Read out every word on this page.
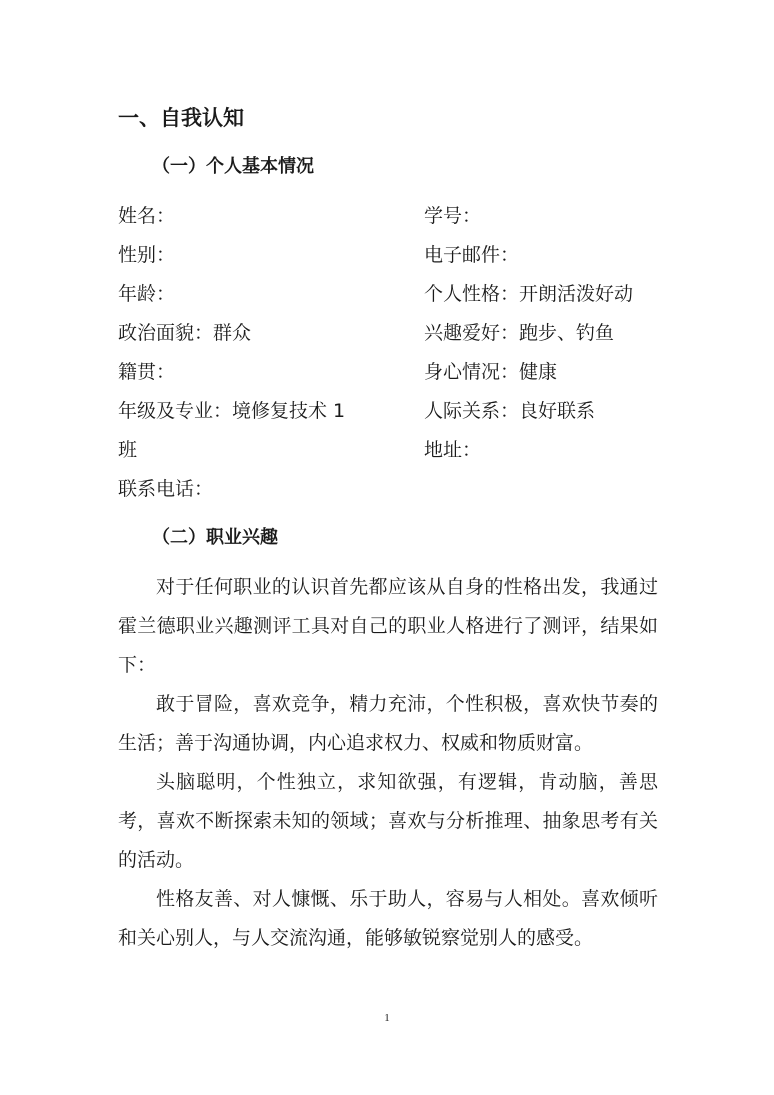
一、自我认知
（一）个人基本情况
姓名：
性别：
年龄：
政治面貌：群众
籍贯：
年级及专业：境修复技术 1
班
联系电话：
学号：
电子邮件：
个人性格：开朗活泼好动
兴趣爱好：跑步、钓鱼
身心情况：健康
人际关系：良好联系
地址：
（二）职业兴趣
对于任何职业的认识首先都应该从自身的性格出发，我通过霍兰德职业兴趣测评工具对自己的职业人格进行了测评，结果如下：
敢于冒险，喜欢竞争，精力充沛，个性积极，喜欢快节奏的生活；善于沟通协调，内心追求权力、权威和物质财富。
头脑聪明，个性独立，求知欲强，有逻辑，肯动脑，善思考，喜欢不断探索未知的领域；喜欢与分析推理、抽象思考有关的活动。
性格友善、对人慷慨、乐于助人，容易与人相处。喜欢倾听和关心别人，与人交流沟通，能够敏锐察觉别人的感受。
1
